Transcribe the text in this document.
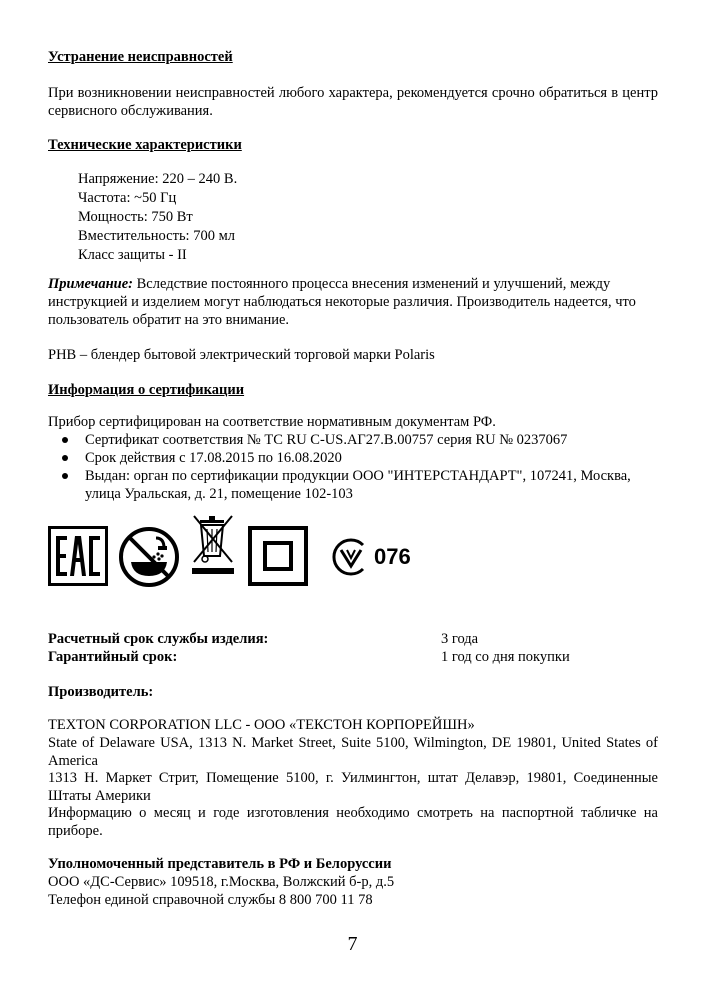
Устранение неисправностей
При возникновении неисправностей любого характера, рекомендуется срочно обратиться в центр сервисного обслуживания.
Технические характеристики
Напряжение: 220 – 240 В.
Частота: ~50 Гц
Мощность: 750 Вт
Вместительность: 700 мл
Класс защиты - II
Примечание: Вследствие постоянного процесса внесения изменений и улучшений, между инструкцией и изделием могут наблюдаться некоторые различия. Производитель надеется, что пользователь обратит на это внимание.
PHB – блендер бытовой электрический торговой марки Polaris
Информация о сертификации
Прибор сертифицирован на соответствие нормативным документам РФ.
Сертификат соответствия № ТС RU C-US.АГ27.В.00757 серия RU № 0237067
Срок действия с 17.08.2015 по 16.08.2020
Выдан: орган по сертификации продукции ООО "ИНТЕРСТАНДАРТ", 107241, Москва, улица Уральская, д. 21, помещение 102-103
Расчетный срок службы изделия:	3 года
Гарантийный срок:	1 год со дня покупки
Производитель:
TEXTON CORPORATION LLC - ООО «ТЕКСТОН КОРПОРЕЙШН»
State of Delaware USA, 1313 N. Market Street, Suite 5100, Wilmington, DE 19801, United States of America
1313 Н. Маркет Стрит, Помещение 5100, г. Уилмингтон, штат Делавэр, 19801, Соединенные Штаты Америки
Информацию о месяц и годе изготовления необходимо смотреть на паспортной табличке на приборе.
Уполномоченный представитель в РФ и Белоруссии
ООО «ДС-Сервис» 109518, г.Москва, Волжский б-р, д.5
Телефон единой справочной службы 8 800 700 11 78
076
7
